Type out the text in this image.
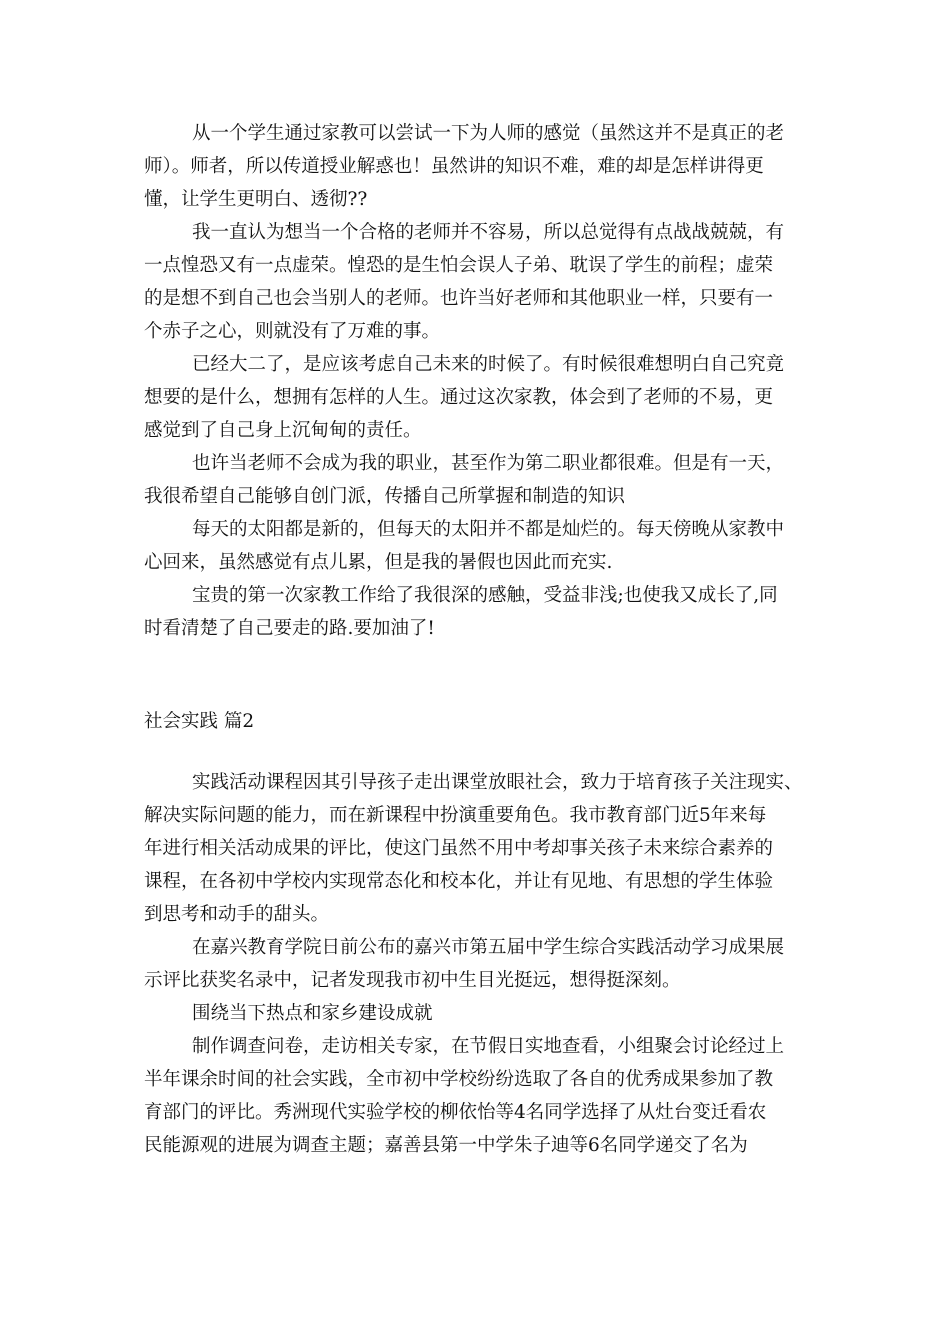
从一个学生通过家教可以尝试一下为人师的感觉（虽然这并不是真正的老
师）。师者，所以传道授业解惑也！虽然讲的知识不难，难的却是怎样讲得更
懂，让学生更明白、透彻??
我一直认为想当一个合格的老师并不容易，所以总觉得有点战战兢兢，有
一点惶恐又有一点虚荣。惶恐的是生怕会误人子弟、耽误了学生的前程；虚荣
的是想不到自己也会当别人的老师。也许当好老师和其他职业一样，只要有一
个赤子之心，则就没有了万难的事。
已经大二了，是应该考虑自己未来的时候了。有时候很难想明白自己究竟
想要的是什么，想拥有怎样的人生。通过这次家教，体会到了老师的不易，更
感觉到了自己身上沉甸甸的责任。
也许当老师不会成为我的职业，甚至作为第二职业都很难。但是有一天，
我很希望自己能够自创门派，传播自己所掌握和制造的知识
每天的太阳都是新的，但每天的太阳并不都是灿烂的。每天傍晚从家教中
心回来，虽然感觉有点儿累，但是我的暑假也因此而充实.
宝贵的第一次家教工作给了我很深的感触，受益非浅;也使我又成长了,同
时看清楚了自己要走的路.要加油了!
社会实践 篇2
实践活动课程因其引导孩子走出课堂放眼社会，致力于培育孩子关注现实、
解决实际问题的能力，而在新课程中扮演重要角色。我市教育部门近5年来每
年进行相关活动成果的评比，使这门虽然不用中考却事关孩子未来综合素养的
课程，在各初中学校内实现常态化和校本化，并让有见地、有思想的学生体验
到思考和动手的甜头。
在嘉兴教育学院日前公布的嘉兴市第五届中学生综合实践活动学习成果展
示评比获奖名录中，记者发现我市初中生目光挺远，想得挺深刻。
围绕当下热点和家乡建设成就
制作调查问卷，走访相关专家，在节假日实地查看，小组聚会讨论经过上
半年课余时间的社会实践，全市初中学校纷纷选取了各自的优秀成果参加了教
育部门的评比。秀洲现代实验学校的柳依怡等4名同学选择了从灶台变迁看农
民能源观的进展为调查主题；嘉善县第一中学朱子迪等6名同学递交了名为
